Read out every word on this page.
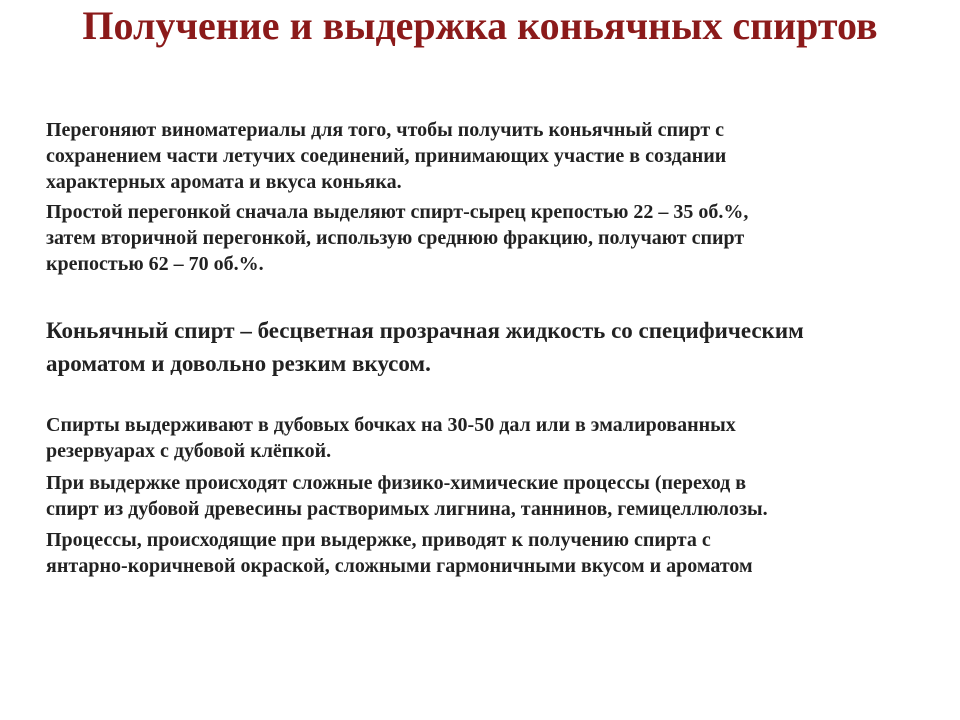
Получение и выдержка коньячных спиртов

Перегоняют виноматериалы для того, чтобы получить коньячный спирт с
сохранением части летучих соединений, принимающих участие в создании
характерных аромата и вкуса коньяка.

Простой перегонкой сначала выделяют спирт-сырец крепостью 22 – 35 об.%,
затем вторичной перегонкой, использую среднюю фракцию, получают спирт
крепостью 62 – 70 об.%.

Коньячный спирт – бесцветная прозрачная жидкость со специфическим
ароматом и довольно резким вкусом.

Спирты выдерживают в дубовых бочках на 30-50 дал или в эмалированных
резервуарах с дубовой клёпкой.

При выдержке происходят сложные физико-химические процессы (переход в
спирт из дубовой древесины растворимых лигнина, таннинов, гемицеллюлозы.

Процессы, происходящие при выдержке, приводят к получению спирта с
янтарно-коричневой окраской, сложными гармоничными вкусом и ароматом
